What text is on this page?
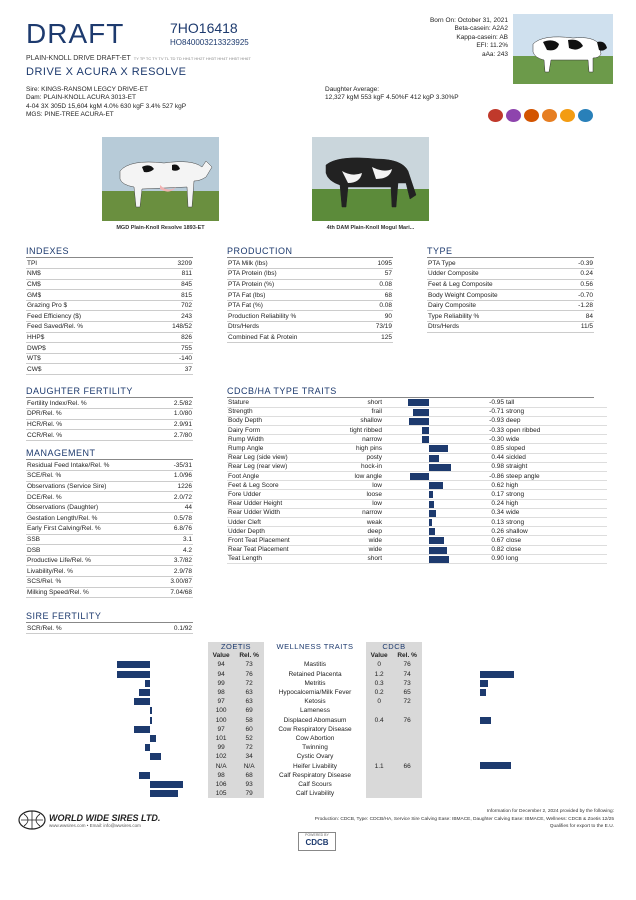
DRAFT	7HO16418
HO840003213323925
PLAIN-KNOLL DRIVE DRAFT-ET TY TP TC TY TV TL TD TD HH1T HH2T HH3T HH4T HH5T HH6T
DRIVE X ACURA X RESOLVE
Sire: KINGS-RANSOM LEGCY DRIVE-ET
Dam: PLAIN-KNOLL ACURA 3013-ET
4-04 3X 305D 15,604 kgM 4.0% 630 kgF 3.4% 527 kgP
MGS: PINE-TREE ACURA-ET
Daughter Average:
12,327 kgM 553 kgF 4.50%F 412 kgP 3.30%P
Born On: October 31, 2021
Beta-casein: A2A2
Kappa-casein: AB
EFI: 11.2%
aAa: 243
MGD Plain-Knoll Resolve 1893-ET	4th DAM Plain-Knoll Mogul Mari...
INDEXES
TPI	3209
NM$	811
CM$	845
GM$	815
Grazing Pro $	702
Feed Efficiency ($)	243
Feed Saved/Rel. %	148/52
HHP$	826
DWP$	755
WT$	-140
CW$	37
PRODUCTION
PTA Milk (lbs)	1095
PTA Protein (lbs)	57
PTA Protein (%)	0.08
PTA Fat (lbs)	68
PTA Fat (%)	0.08
Production Reliability %	90
Dtrs/Herds	73/19
Combined Fat & Protein	125
TYPE
PTA Type	-0.39
Udder Composite	0.24
Feet & Leg Composite	0.56
Body Weight Composite	-0.70
Dairy Composite	-1.28
Type Reliability %	84
Dtrs/Herds	11/5
DAUGHTER FERTILITY
Fertility Index/Rel. %	2.5/82
DPR/Rel. %	1.0/80
HCR/Rel. %	2.9/91
CCR/Rel. %	2.7/80
MANAGEMENT
Residual Feed Intake/Rel. %	-35/31
SCE/Rel. %	1.0/96
Observations (Service Sire)	1226
DCE/Rel. %	2.0/72
Observations (Daughter)	44
Gestation Length/Rel. %	0.5/78
Early First Calving/Rel. %	6.8/76
SSB	3.1
DSB	4.2
Productive Life/Rel. %	3.7/82
Livability/Rel. %	2.9/78
SCS/Rel. %	3.00/87
Milking Speed/Rel. %	7.04/68
SIRE FERTILITY
SCR/Rel. %	0.1/92
CDCB/HA TYPE TRAITS
Stature	short		-0.95	tall
Strength	frail		-0.71	strong
Body Depth	shallow		-0.93	deep
Dairy Form	tight ribbed		-0.33	open ribbed
Rump Width	narrow		-0.30	wide
Rump Angle	high pins		0.85	sloped
Rear Leg (side view)	posty		0.44	sickled
Rear Leg (rear view)	hock-in		0.98	straight
Foot Angle	low angle		-0.86	steep angle
Feet & Leg Score	low		0.62	high
Fore Udder	loose		0.17	strong
Rear Udder Height	low		0.24	high
Rear Udder Width	narrow		0.34	wide
Udder Cleft	weak		0.13	strong
Udder Depth	deep		0.26	shallow
Front Teat Placement	wide		0.67	close
Rear Teat Placement	wide		0.82	close
Teat Length	short		0.90	long
	ZOETIS		WELLNESS TRAITS	CDCB		
	Value	Rel. %		Value	Rel. %	

	94	73	Mastitis	0	76	

	94	76	Retained Placenta	1.2	74	

	99	72	Metritis	0.3	73	

	98	63	Hypocalcemia/Milk Fever	0.2	65	

	97	63	Ketosis	0	72	

	100	69	Lameness			

	100	58	Displaced Abomasum	0.4	76	

	97	60	Cow Respiratory Disease			

	101	52	Cow Abortion			

	99	72	Twinning			

	102	34	Cystic Ovary			
	N/A	N/A	Heifer Livability	1.1	66	

	98	68	Calf Respiratory Disease			

	106	93	Calf Scours			

	105	79	Calf Livability			
WORLD WIDE SIRES LTD.
www.wwsires.com • Email: info@wwsires.com
Information for December 2, 2024 provided by the following:
Production: CDCB, Type: CDCB/HA, Service Sire Calving Ease: IBMACE, Daughter Calving Ease: IBMACE, Wellness: CDCB & Zoetis 12/25
Qualifies for export to the E.U.
POWERED BY
CDCB
